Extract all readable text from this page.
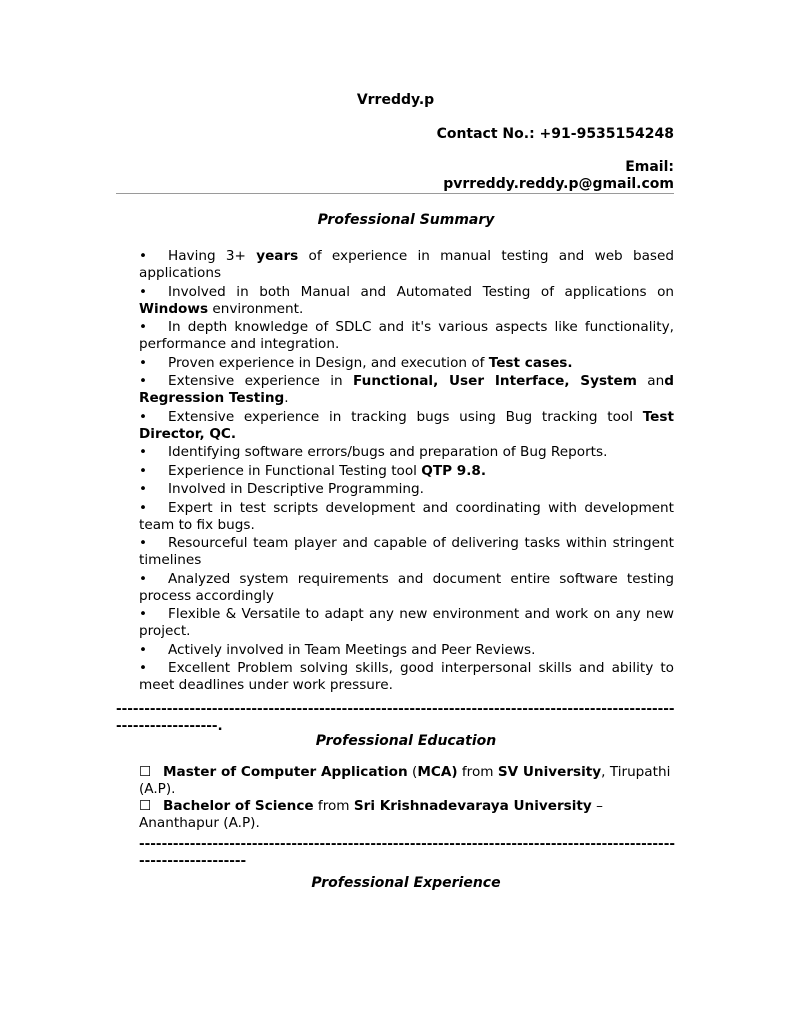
Vrreddy.p
Contact No.: +91-9535154248
Email:
pvrreddy.reddy.p@gmail.com
Professional Summary
• Having 3+ years of experience in manual testing and web based applications
• Involved in both Manual and Automated Testing of applications on Windows environment.
• In depth knowledge of SDLC and it's various aspects like functionality, performance and integration.
• Proven experience in Design, and execution of Test cases.
• Extensive experience in Functional, User Interface, System and Regression Testing.
• Extensive experience in tracking bugs using Bug tracking tool Test Director, QC.
• Identifying software errors/bugs and preparation of Bug Reports.
• Experience in Functional Testing tool QTP 9.8.
• Involved in Descriptive Programming.
• Expert in test scripts development and coordinating with development team to fix bugs.
• Resourceful team player and capable of delivering tasks within stringent timelines
• Analyzed system requirements and document entire software testing process accordingly
• Flexible & Versatile to adapt any new environment and work on any new project.
• Actively involved in Team Meetings and Peer Reviews.
• Excellent Problem solving skills, good interpersonal skills and ability to meet deadlines under work pressure.
---------------------------------------------------------------------------------------------------------------------.
Professional Education
☐ Master of Computer Application (MCA) from SV University, Tirupathi (A.P).
☐ Bachelor of Science from Sri Krishnadevaraya University – Ananthapur (A.P).
------------------------------------------------------------------------------------------------------------------
Professional Experience
